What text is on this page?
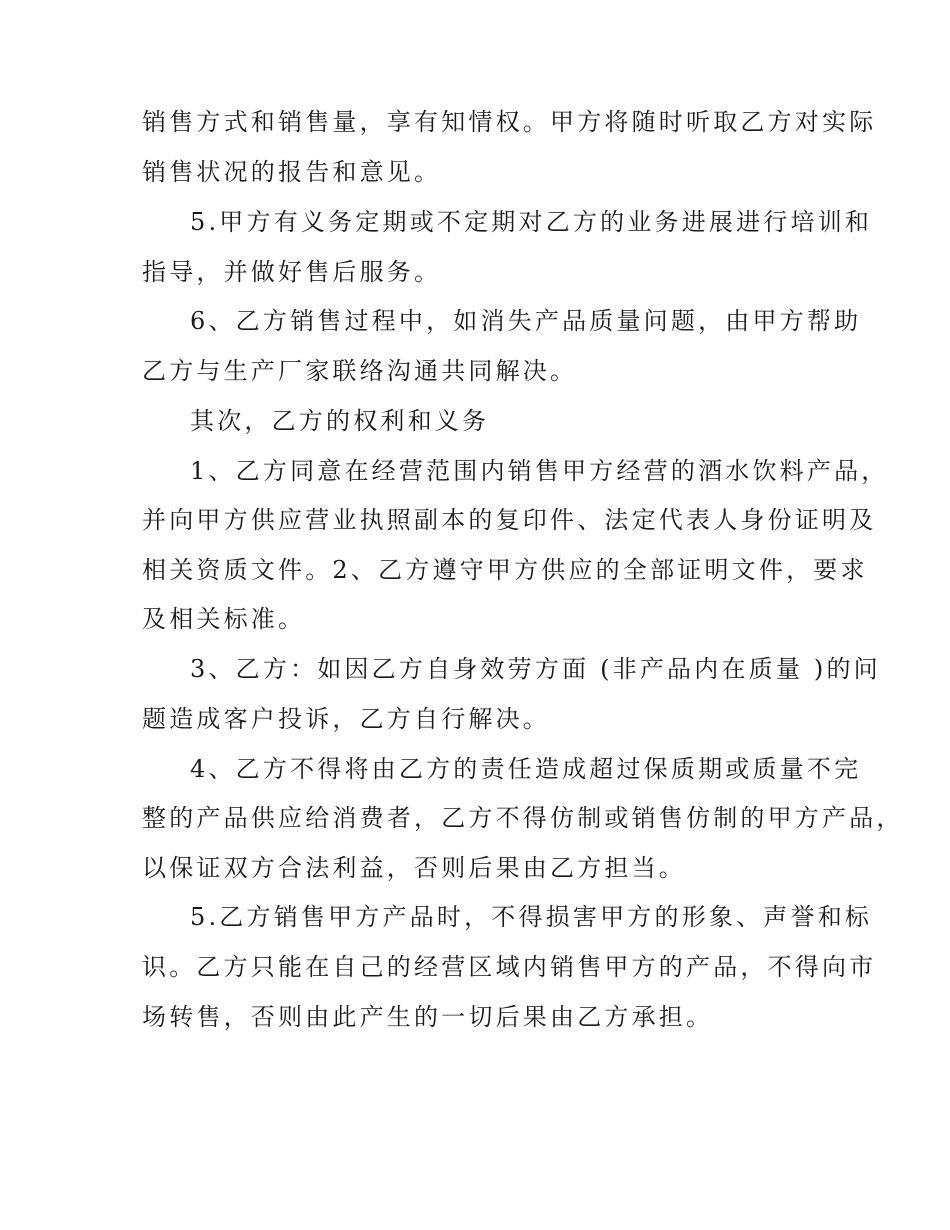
销售方式和销售量，享有知情权。甲方将随时听取乙方对实际
销售状况的报告和意见。
5.甲方有义务定期或不定期对乙方的业务进展进行培训和
指导，并做好售后服务。
6、乙方销售过程中，如消失产品质量问题，由甲方帮助
乙方与生产厂家联络沟通共同解决。
其次，乙方的权利和义务
1、乙方同意在经营范围内销售甲方经营的酒水饮料产品，
并向甲方供应营业执照副本的复印件、法定代表人身份证明及
相关资质文件。2、乙方遵守甲方供应的全部证明文件，要求
及相关标准。
3、乙方：如因乙方自身效劳方面 (非产品内在质量 )的问
题造成客户投诉，乙方自行解决。
4、乙方不得将由乙方的责任造成超过保质期或质量不完
整的产品供应给消费者，乙方不得仿制或销售仿制的甲方产品，
以保证双方合法利益，否则后果由乙方担当。
5.乙方销售甲方产品时，不得损害甲方的形象、声誉和标
识。乙方只能在自己的经营区域内销售甲方的产品，不得向市
场转售，否则由此产生的一切后果由乙方承担。
